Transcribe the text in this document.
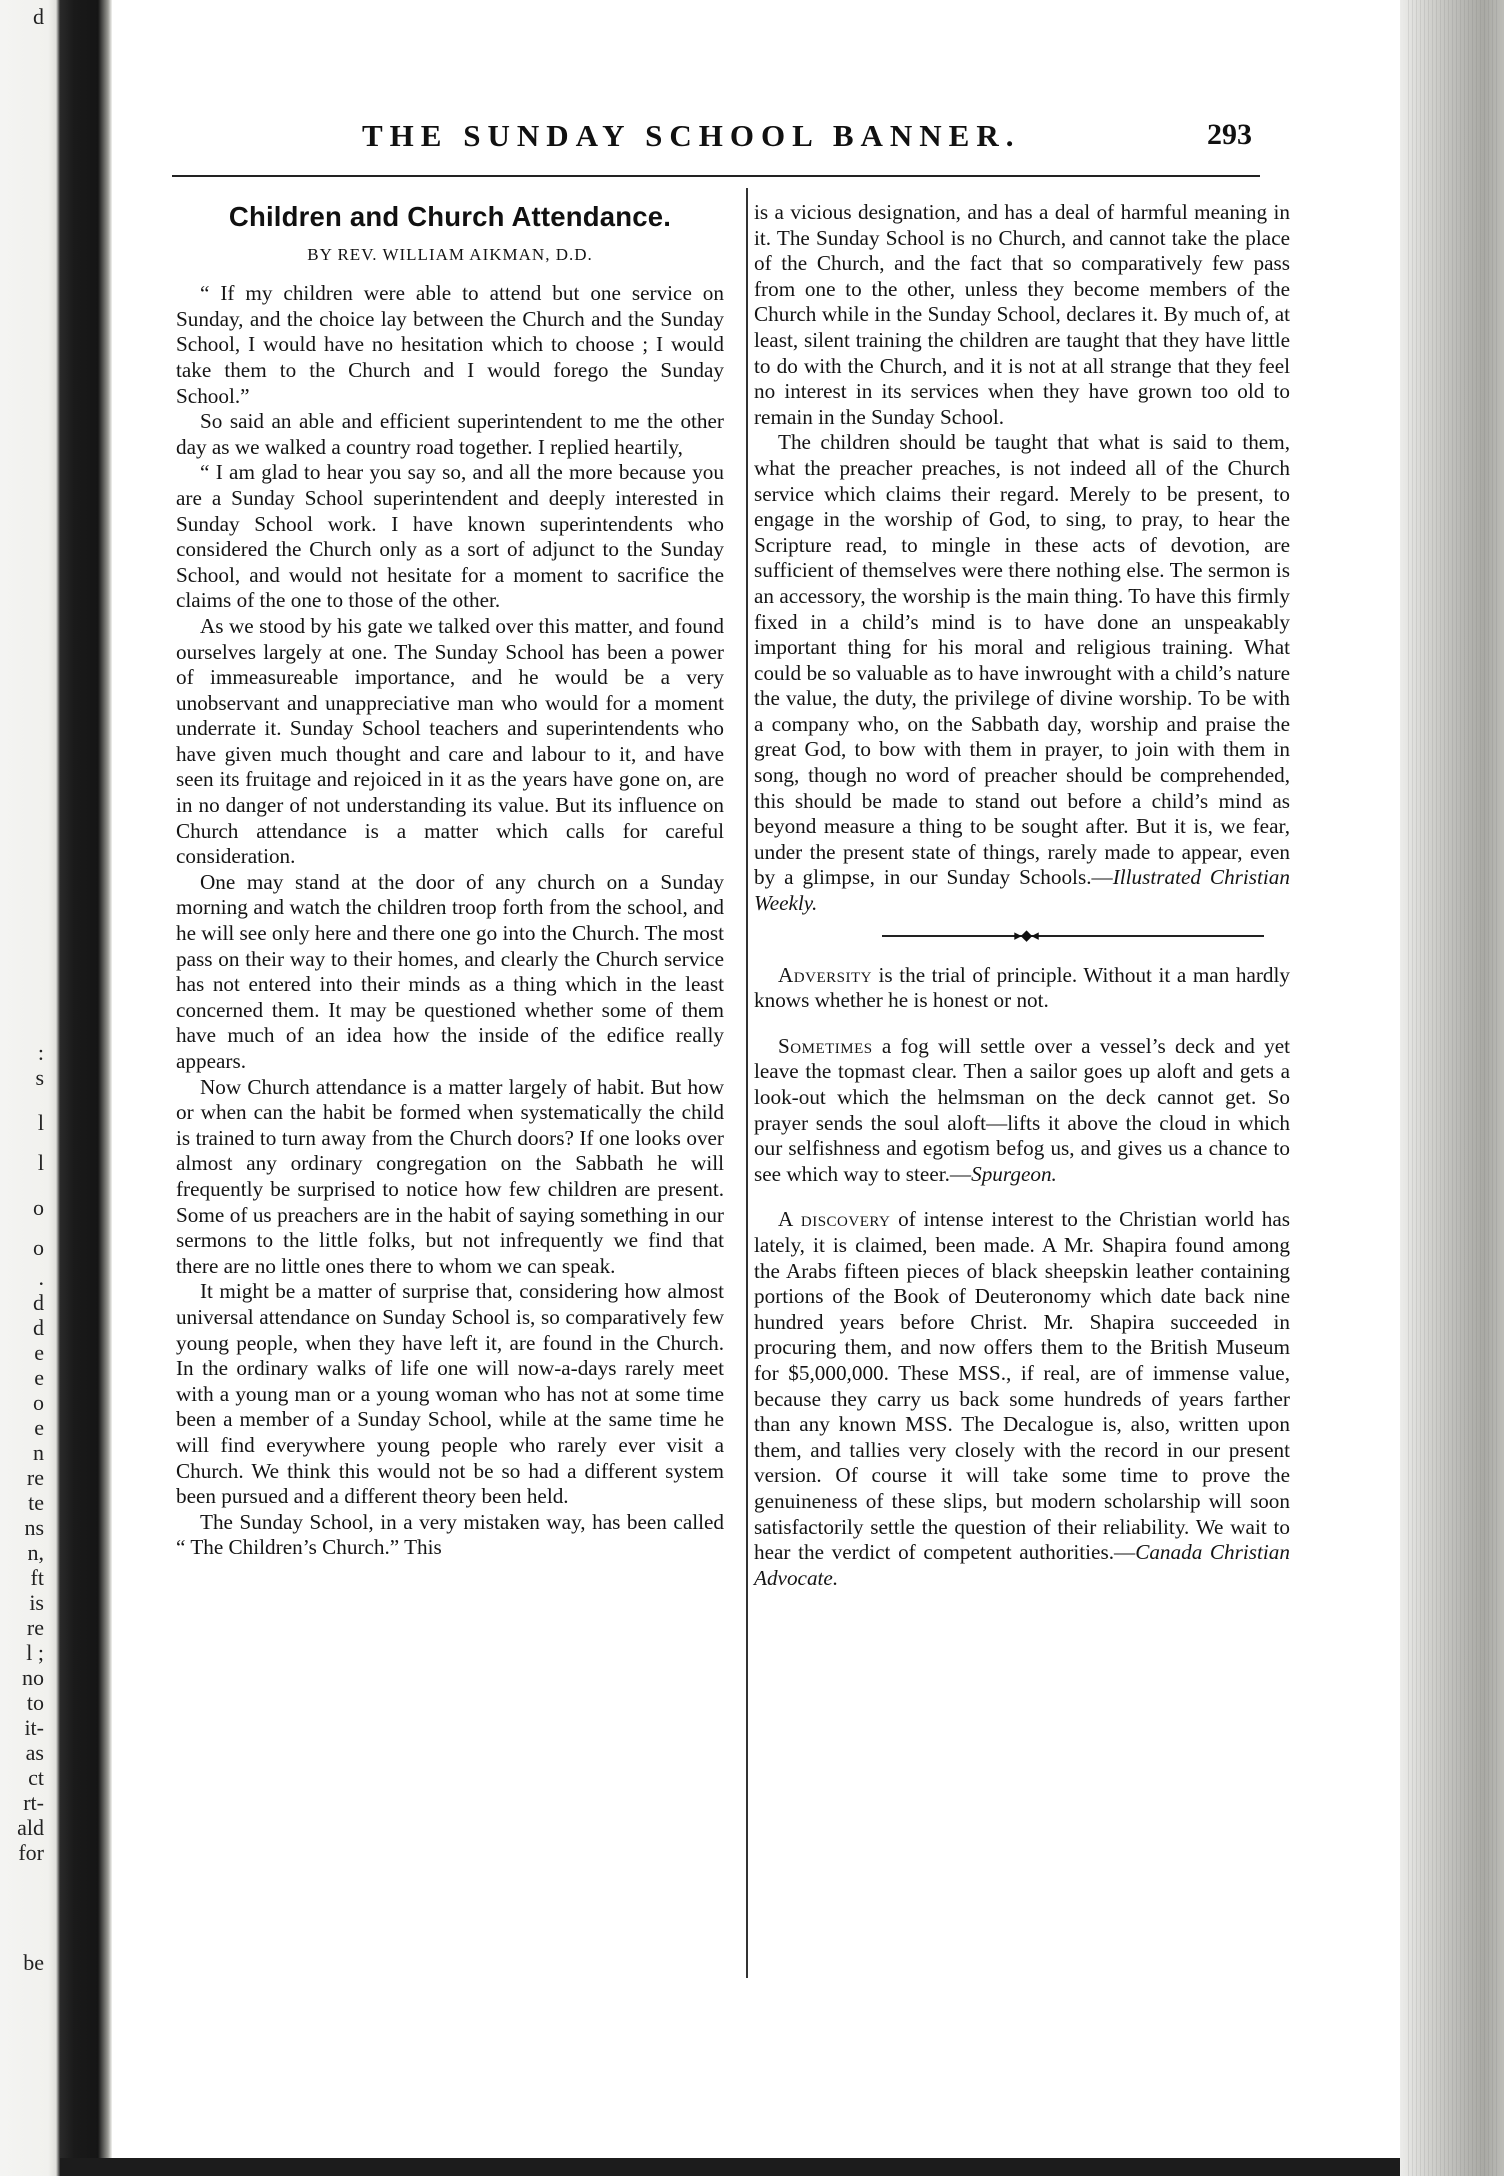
d
:
s
l
l
o
o
.
d
d
e
e
o
e
n
re
te
ns
n,
ft
is
re
l ;
no
to
it-
as
ct
rt-
ald
for
be
THE SUNDAY SCHOOL BANNER.	293
Children and Church Attendance.
BY REV. WILLIAM AIKMAN, D.D.

“ If my children were able to attend but one service on Sunday, and the choice lay between the Church and the Sunday School, I would have no hesitation which to choose ; I would take them to the Church and I would forego the Sunday School.”

So said an able and efficient superintendent to me the other day as we walked a country road together. I replied heartily,

“ I am glad to hear you say so, and all the more because you are a Sunday School superintendent and deeply interested in Sunday School work. I have known superintendents who considered the Church only as a sort of adjunct to the Sunday School, and would not hesitate for a moment to sacrifice the claims of the one to those of the other.

As we stood by his gate we talked over this matter, and found ourselves largely at one. The Sunday School has been a power of immeasureable importance, and he would be a very unobservant and unappreciative man who would for a moment underrate it. Sunday School teachers and superintendents who have given much thought and care and labour to it, and have seen its fruitage and rejoiced in it as the years have gone on, are in no danger of not understanding its value. But its influence on Church attendance is a matter which calls for careful consideration.

One may stand at the door of any church on a Sunday morning and watch the children troop forth from the school, and he will see only here and there one go into the Church. The most pass on their way to their homes, and clearly the Church service has not entered into their minds as a thing which in the least concerned them. It may be questioned whether some of them have much of an idea how the inside of the edifice really appears.

Now Church attendance is a matter largely of habit. But how or when can the habit be formed when systematically the child is trained to turn away from the Church doors? If one looks over almost any ordinary congregation on the Sabbath he will frequently be surprised to notice how few children are present. Some of us preachers are in the habit of saying something in our sermons to the little folks, but not infrequently we find that there are no little ones there to whom we can speak.

It might be a matter of surprise that, considering how almost universal attendance on Sunday School is, so comparatively few young people, when they have left it, are found in the Church. In the ordinary walks of life one will now-a-days rarely meet with a young man or a young woman who has not at some time been a member of a Sunday School, while at the same time he will find everywhere young people who rarely ever visit a Church. We think this would not be so had a different system been pursued and a different theory been held.

The Sunday School, in a very mistaken way, has been called “ The Children’s Church.” This

is a vicious designation, and has a deal of harmful meaning in it. The Sunday School is no Church, and cannot take the place of the Church, and the fact that so comparatively few pass from one to the other, unless they become members of the Church while in the Sunday School, declares it. By much of, at least, silent training the children are taught that they have little to do with the Church, and it is not at all strange that they feel no interest in its services when they have grown too old to remain in the Sunday School.

The children should be taught that what is said to them, what the preacher preaches, is not indeed all of the Church service which claims their regard. Merely to be present, to engage in the worship of God, to sing, to pray, to hear the Scripture read, to mingle in these acts of devotion, are sufficient of themselves were there nothing else. The sermon is an accessory, the worship is the main thing. To have this firmly fixed in a child’s mind is to have done an unspeakably important thing for his moral and religious training. What could be so valuable as to have inwrought with a child’s nature the value, the duty, the privilege of divine worship. To be with a company who, on the Sabbath day, worship and praise the great God, to bow with them in prayer, to join with them in song, though no word of preacher should be comprehended, this should be made to stand out before a child’s mind as beyond measure a thing to be sought after. But it is, we fear, under the present state of things, rarely made to appear, even by a glimpse, in our Sunday Schools.—Illustrated Christian Weekly.

▸◆◂

Adversity is the trial of principle. Without it a man hardly knows whether he is honest or not.

Sometimes a fog will settle over a vessel’s deck and yet leave the topmast clear. Then a sailor goes up aloft and gets a look-out which the helmsman on the deck cannot get. So prayer sends the soul aloft—lifts it above the cloud in which our selfishness and egotism befog us, and gives us a chance to see which way to steer.—Spurgeon.

A discovery of intense interest to the Christian world has lately, it is claimed, been made. A Mr. Shapira found among the Arabs fifteen pieces of black sheepskin leather containing portions of the Book of Deuteronomy which date back nine hundred years before Christ. Mr. Shapira succeeded in procuring them, and now offers them to the British Museum for $5,000,000. These MSS., if real, are of immense value, because they carry us back some hundreds of years farther than any known MSS. The Decalogue is, also, written upon them, and tallies very closely with the record in our present version. Of course it will take some time to prove the genuineness of these slips, but modern scholarship will soon satisfactorily settle the question of their reliability. We wait to hear the verdict of competent authorities.—Canada Christian Advocate.
